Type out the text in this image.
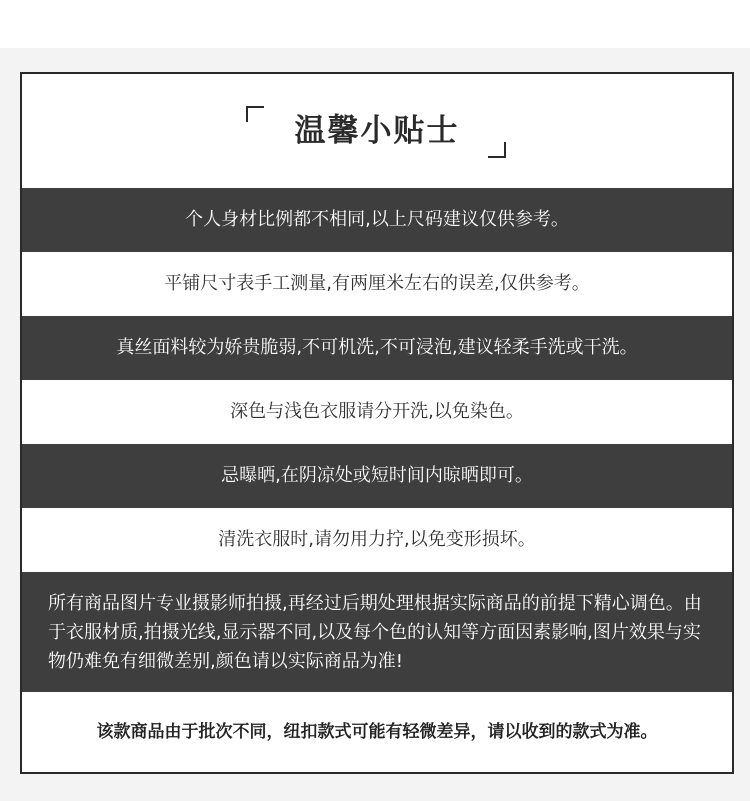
温馨小贴士
个人身材比例都不相同,以上尺码建议仅供参考。
平铺尺寸表手工测量,有两厘米左右的误差,仅供参考。
真丝面料较为娇贵脆弱,不可机洗,不可浸泡,建议轻柔手洗或干洗。
深色与浅色衣服请分开洗,以免染色。
忌曝晒,在阴凉处或短时间内晾晒即可。
清洗衣服时,请勿用力拧,以免变形损坏。
所有商品图片专业摄影师拍摄,再经过后期处理根据实际商品的前提下精心调色。由于衣服材质,拍摄光线,显示器不同,以及每个色的认知等方面因素影响,图片效果与实物仍难免有细微差别,颜色请以实际商品为准!
该款商品由于批次不同，纽扣款式可能有轻微差异，请以收到的款式为准。
